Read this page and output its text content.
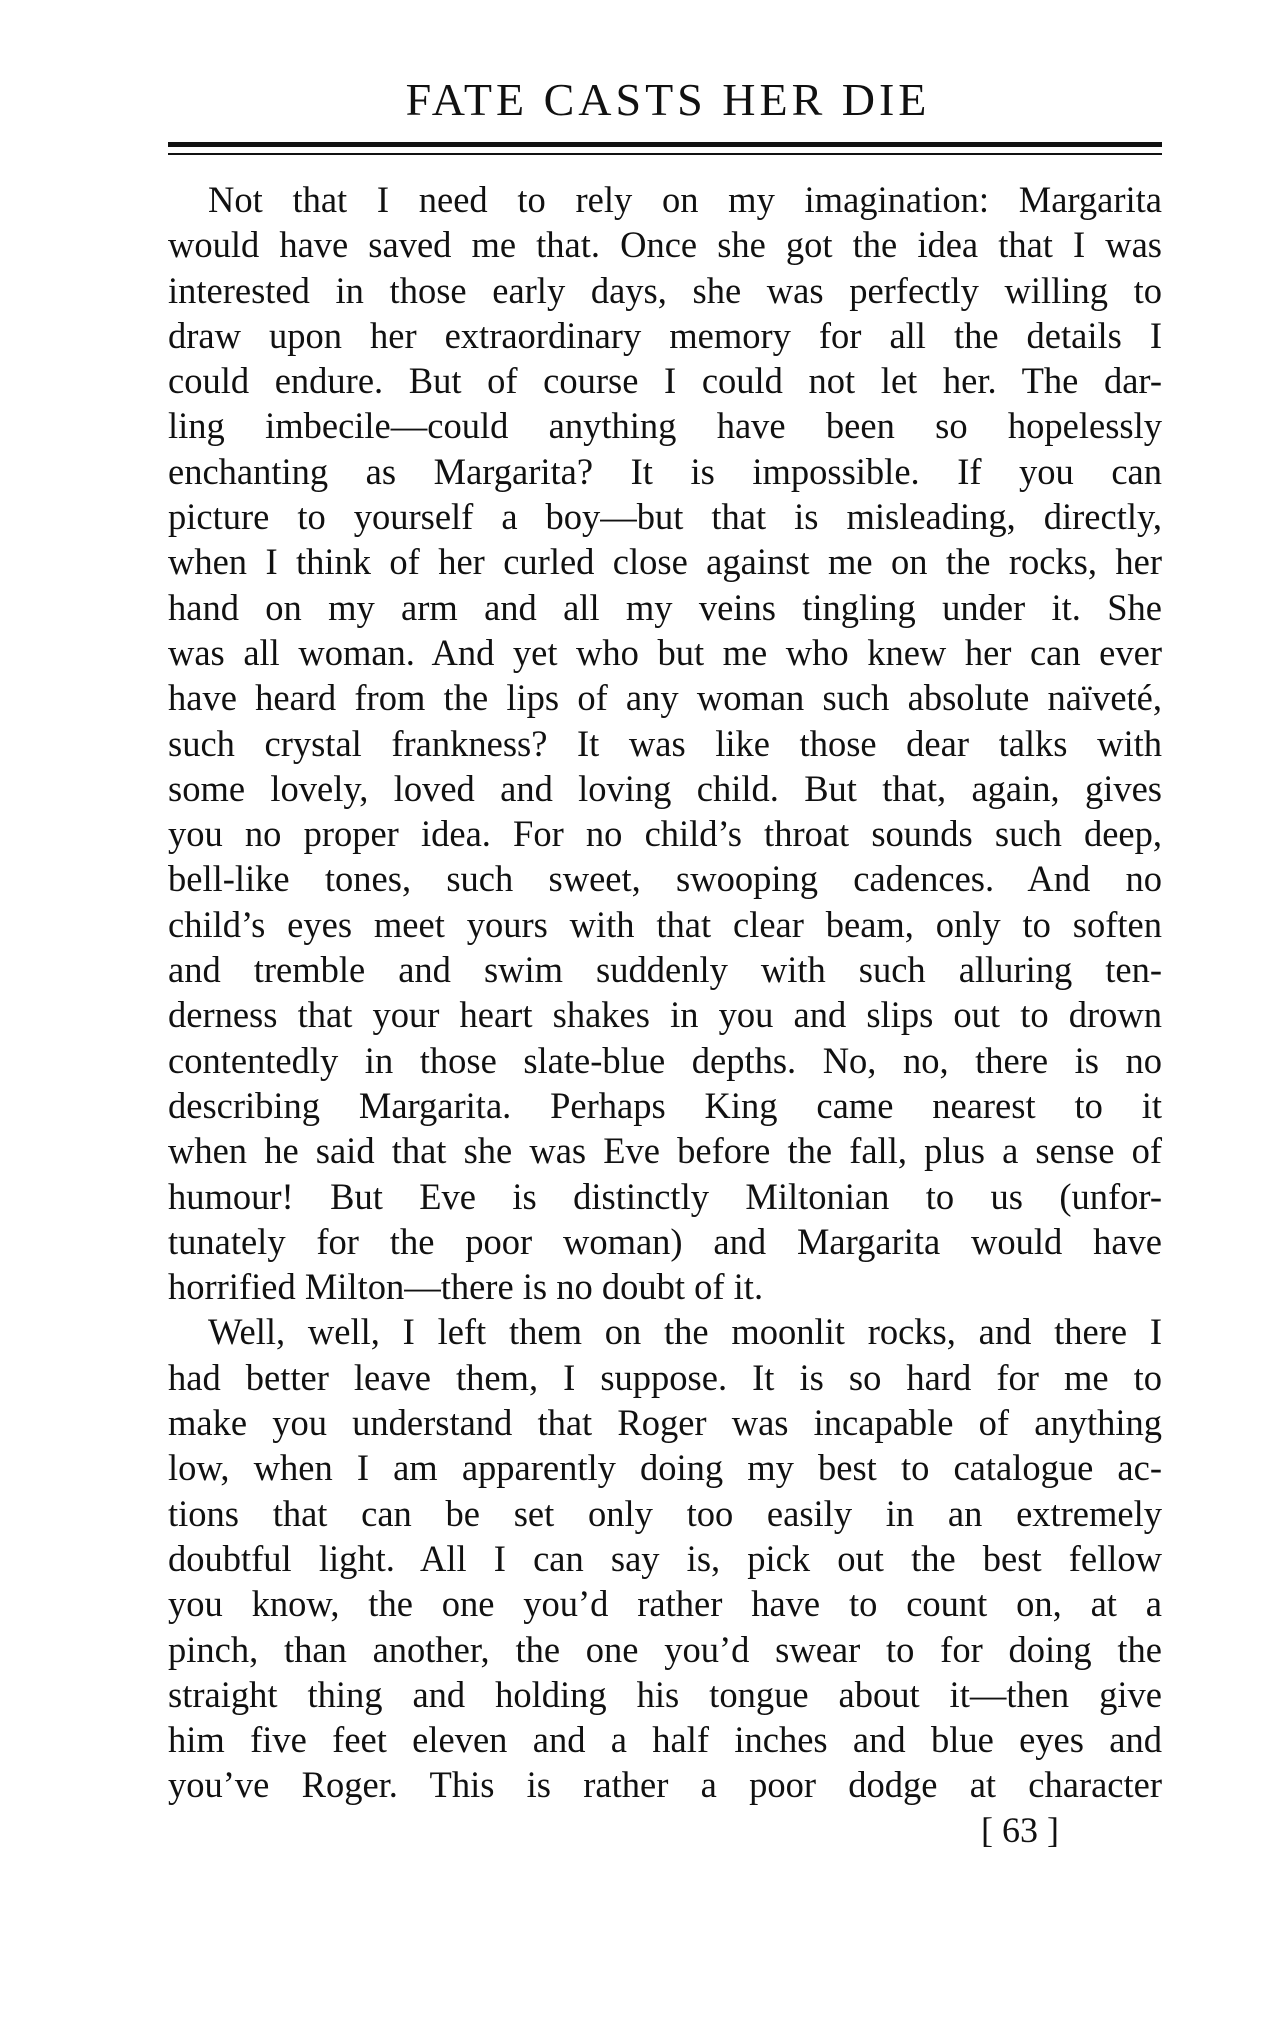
FATE CASTS HER DIE
Not that I need to rely on my imagination: Margarita
would have saved me that. Once she got the idea that I was
interested in those early days, she was perfectly willing to
draw upon her extraordinary memory for all the details I
could endure. But of course I could not let her. The dar-
ling imbecile—could anything have been so hopelessly
enchanting as Margarita? It is impossible. If you can
picture to yourself a boy—but that is misleading, directly,
when I think of her curled close against me on the rocks, her
hand on my arm and all my veins tingling under it. She
was all woman. And yet who but me who knew her can ever
have heard from the lips of any woman such absolute naïveté,
such crystal frankness? It was like those dear talks with
some lovely, loved and loving child. But that, again, gives
you no proper idea. For no child’s throat sounds such deep,
bell-like tones, such sweet, swooping cadences. And no
child’s eyes meet yours with that clear beam, only to soften
and tremble and swim suddenly with such alluring ten-
derness that your heart shakes in you and slips out to drown
contentedly in those slate-blue depths. No, no, there is no
describing Margarita. Perhaps King came nearest to it
when he said that she was Eve before the fall, plus a sense of
humour! But Eve is distinctly Miltonian to us (unfor-
tunately for the poor woman) and Margarita would have
horrified Milton—there is no doubt of it.
Well, well, I left them on the moonlit rocks, and there I
had better leave them, I suppose. It is so hard for me to
make you understand that Roger was incapable of anything
low, when I am apparently doing my best to catalogue ac-
tions that can be set only too easily in an extremely
doubtful light. All I can say is, pick out the best fellow
you know, the one you’d rather have to count on, at a
pinch, than another, the one you’d swear to for doing the
straight thing and holding his tongue about it—then give
him five feet eleven and a half inches and blue eyes and
you’ve Roger. This is rather a poor dodge at character
[ 63 ]
